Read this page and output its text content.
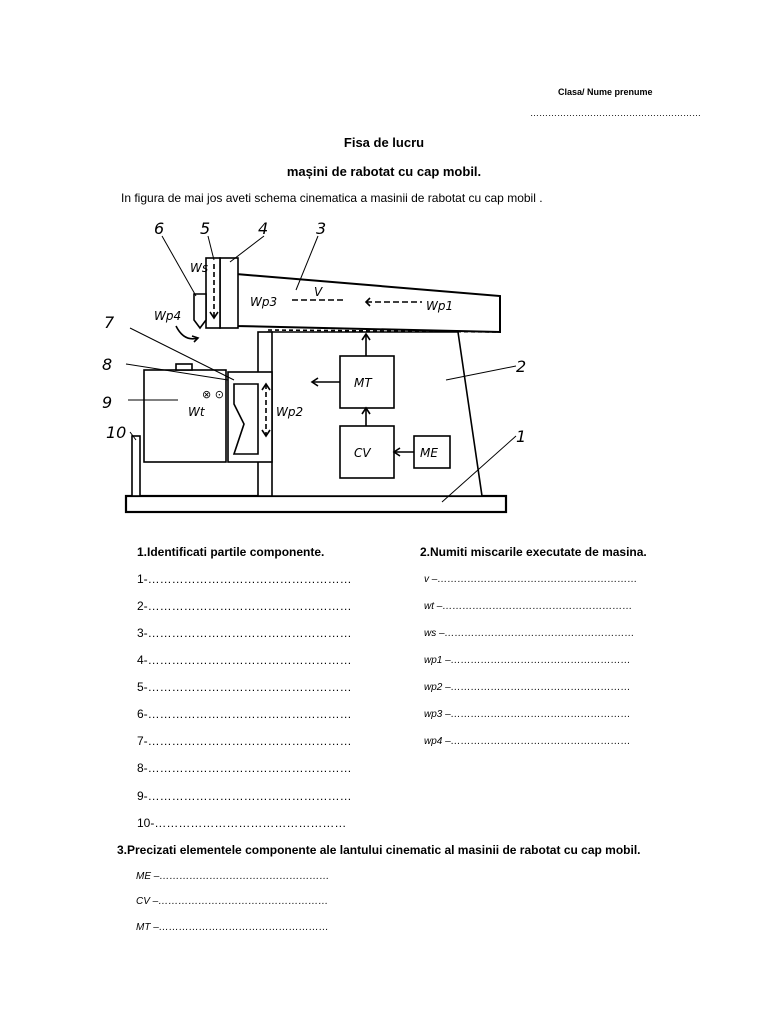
Clasa/ Nume prenume
…………………………………………………
Fisa de lucru
mașini de rabotat cu cap mobil.
In figura de mai jos aveti schema cinematica a masinii de rabotat cu cap mobil .
6 5	4	3
7
8
9
10
2
1
Ws
V
Wp1
Wp2
Wp3
Wp4
Wt
⊗ ⊙
MT
CV	ME
1.Identificati partile componente.
1-……………………………………………
2-……………………………………………
3-……………………………………………
4-……………………………………………
5-……………………………………………
6-……………………………………………
7-……………………………………………
8-……………………………………………
9-……………………………………………
10-…………………………………………
2.Numiti miscarile executate de masina.
v –……………………………………………………
wt –…………………………………………………
ws –…………………………………………………
wp1 –………………………………………………
wp2 –………………………………………………
wp3 –………………………………………………
wp4 –………………………………………………
3.Precizati elementele componente ale lantului cinematic al masinii de rabotat cu cap mobil.
ME –……………………………………………
CV –……………………………………………
MT –……………………………………………
